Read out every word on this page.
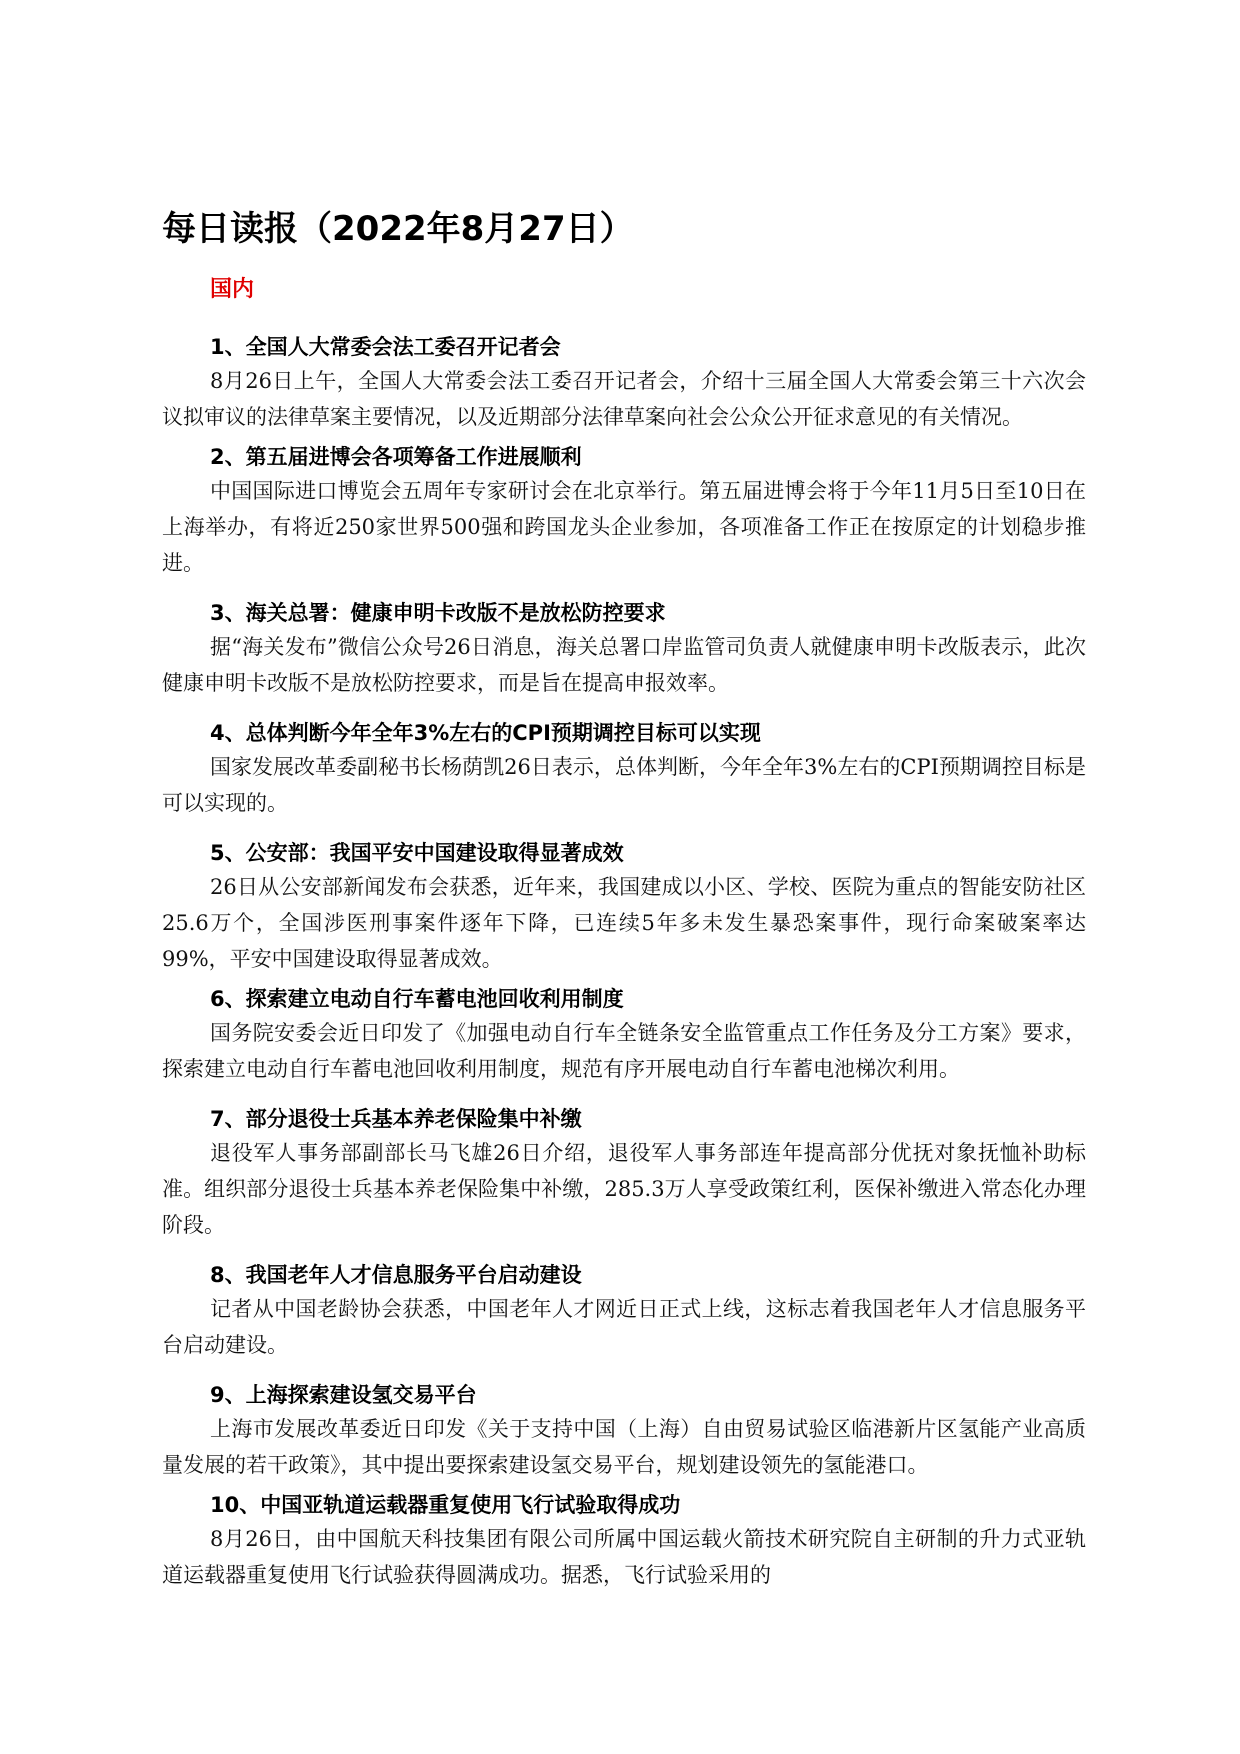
每日读报（2022年8月27日）
国内
1、全国人大常委会法工委召开记者会

8月26日上午，全国人大常委会法工委召开记者会，介绍十三届全国人大常委会第三十六次会议拟审议的法律草案主要情况，以及近期部分法律草案向社会公众公开征求意见的有关情况。

2、第五届进博会各项筹备工作进展顺利

中国国际进口博览会五周年专家研讨会在北京举行。第五届进博会将于今年11月5日至10日在上海举办，有将近250家世界500强和跨国龙头企业参加，各项准备工作正在按原定的计划稳步推进。

3、海关总署：健康申明卡改版不是放松防控要求

据“海关发布”微信公众号26日消息，海关总署口岸监管司负责人就健康申明卡改版表示，此次健康申明卡改版不是放松防控要求，而是旨在提高申报效率。

4、总体判断今年全年3%左右的CPI预期调控目标可以实现

国家发展改革委副秘书长杨荫凯26日表示，总体判断，今年全年3%左右的CPI预期调控目标是可以实现的。

5、公安部：我国平安中国建设取得显著成效

26日从公安部新闻发布会获悉，近年来，我国建成以小区、学校、医院为重点的智能安防社区25.6万个，全国涉医刑事案件逐年下降，已连续5年多未发生暴恐案事件，现行命案破案率达99%，平安中国建设取得显著成效。

6、探索建立电动自行车蓄电池回收利用制度

国务院安委会近日印发了《加强电动自行车全链条安全监管重点工作任务及分工方案》要求，探索建立电动自行车蓄电池回收利用制度，规范有序开展电动自行车蓄电池梯次利用。

7、部分退役士兵基本养老保险集中补缴

退役军人事务部副部长马飞雄26日介绍，退役军人事务部连年提高部分优抚对象抚恤补助标准。组织部分退役士兵基本养老保险集中补缴，285.3万人享受政策红利，医保补缴进入常态化办理阶段。

8、我国老年人才信息服务平台启动建设

记者从中国老龄协会获悉，中国老年人才网近日正式上线，这标志着我国老年人才信息服务平台启动建设。

9、上海探索建设氢交易平台

上海市发展改革委近日印发《关于支持中国（上海）自由贸易试验区临港新片区氢能产业高质量发展的若干政策》，其中提出要探索建设氢交易平台，规划建设领先的氢能港口。

10、中国亚轨道运载器重复使用飞行试验取得成功

8月26日，由中国航天科技集团有限公司所属中国运载火箭技术研究院自主研制的升力式亚轨道运载器重复使用飞行试验获得圆满成功。据悉，飞行试验采用的
